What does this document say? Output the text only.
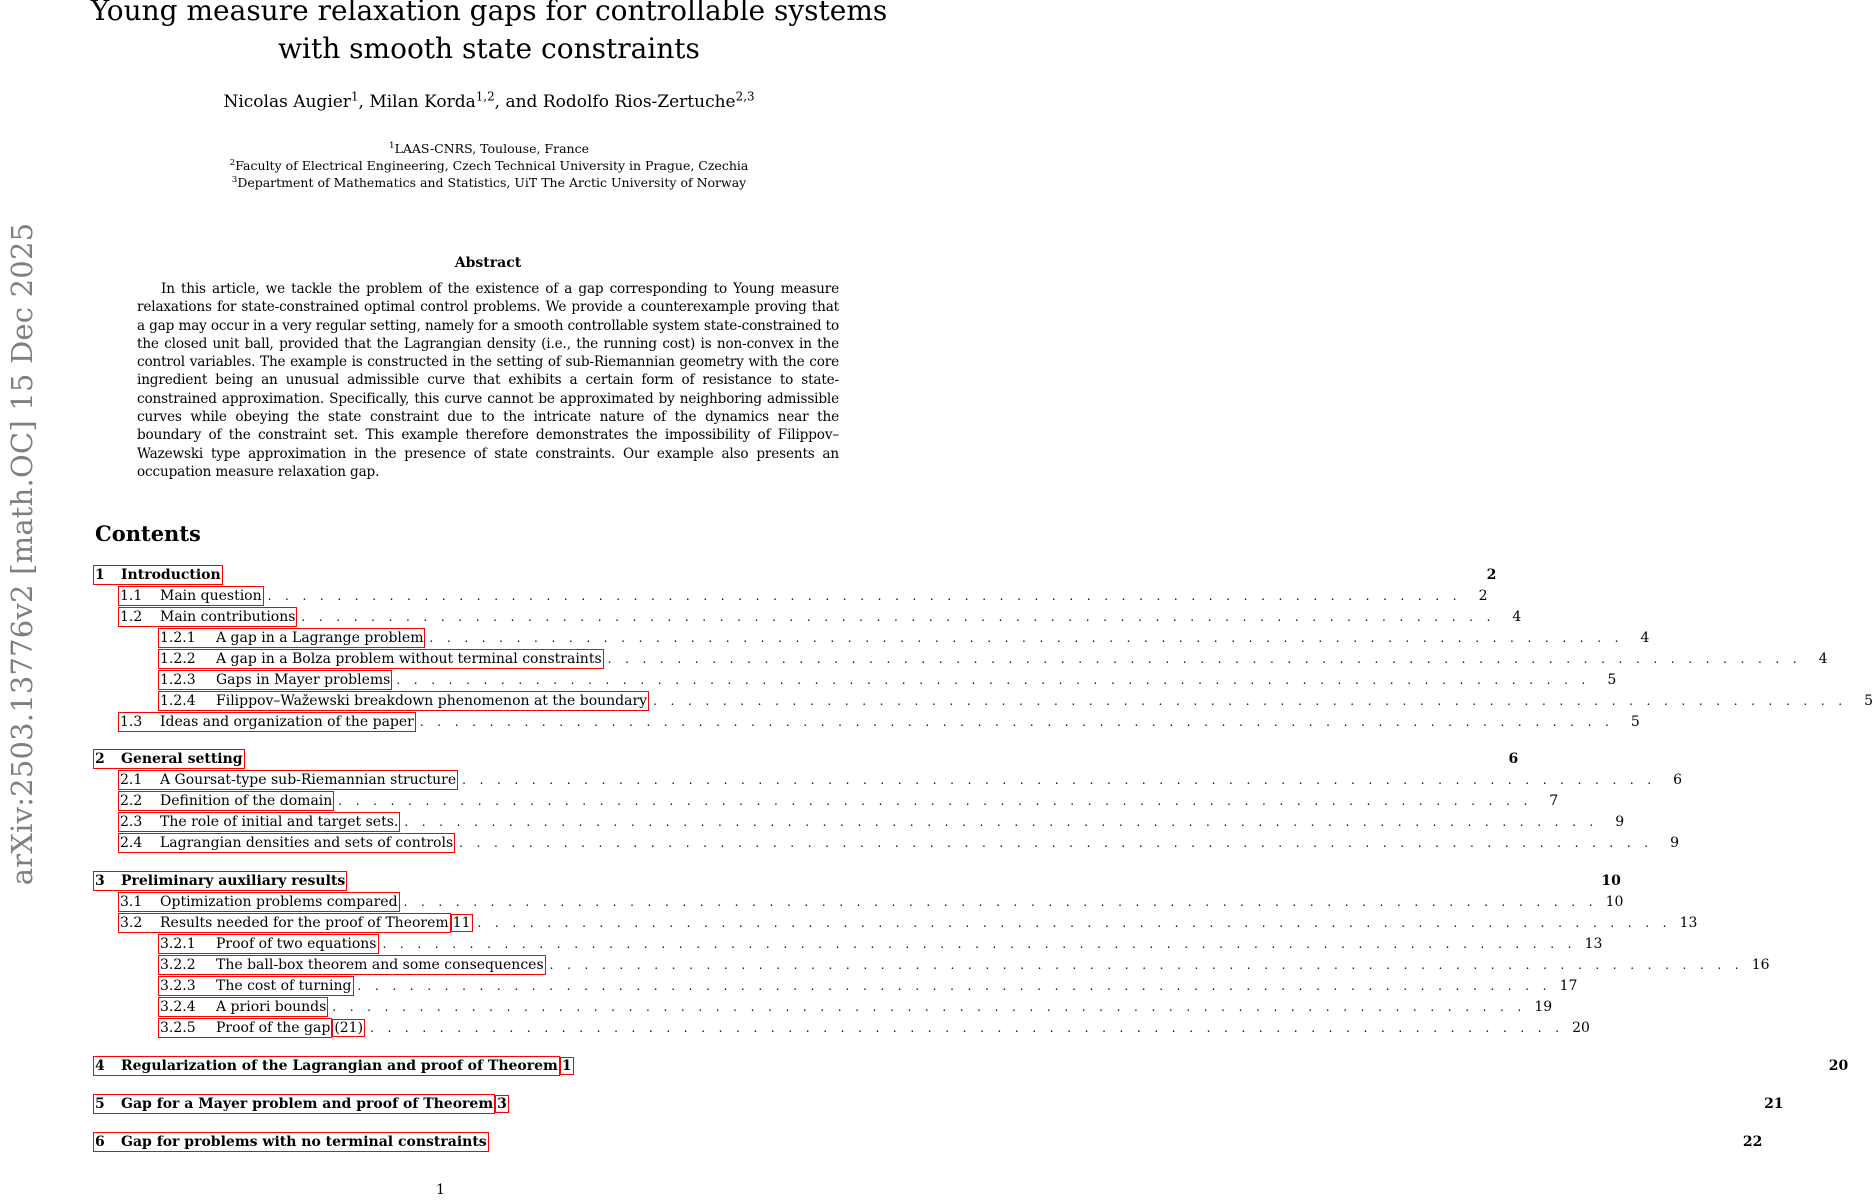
arXiv:2503.13776v2 [math.OC] 15 Dec 2025
Young measure relaxation gaps for controllable systems with smooth state constraints
Nicolas Augier$^1$, Milan Korda$^{1,2}$, and Rodolfo Rios-Zertuche$^{2,3}$
$^1$LAAS-CNRS, Toulouse, France
$^2$Faculty of Electrical Engineering, Czech Technical University in Prague, Czechia
$^3$Department of Mathematics and Statistics, UiT The Arctic University of Norway
Abstract
In this article, we tackle the problem of the existence of a gap corresponding to Young measure relaxations for state-constrained optimal control problems. We provide a counterexample proving that a gap may occur in a very regular setting, namely for a smooth controllable system state-constrained to the closed unit ball, provided that the Lagrangian density (i.e., the running cost) is non-convex in the control variables. The example is constructed in the setting of sub-Riemannian geometry with the core ingredient being an unusual admissible curve that exhibits a certain form of resistance to state-constrained approximation. Specifically, this curve cannot be approximated by neighboring admissible curves while obeying the state constraint due to the intricate nature of the dynamics near the boundary of the constraint set. This example therefore demonstrates the impossibility of Filippov–Wazewski type approximation in the presence of state constraints. Our example also presents an occupation measure relaxation gap.
Contents
1	Introduction	2
1.1	Main question . . . . . . . . . . . . . . . . . . . . . . . . . . . . . . . . . . . . . . . . . . . . . . . . . . . . . . . . . . . . . . . . . . . . .	2
1.2	Main contributions . . . . . . . . . . . . . . . . . . . . . . . . . . . . . . . . . . . . . . . . . . . . . . . . . . . . . . . . . . . . . . . . . . . . .	4
1.2.1	A gap in a Lagrange problem . . . . . . . . . . . . . . . . . . . . . . . . . . . . . . . . . . . . . . . . . . . . . . . . . . . . . . . . . . . . . . . . . . . . .	4
1.2.2	A gap in a Bolza problem without terminal constraints . . . . . . . . . . . . . . . . . . . . . . . . . . . . . . . . . . . . . . . . . . . . . . . . . . . . . . . . . . . . . . . . . . . . .	4
1.2.3	Gaps in Mayer problems . . . . . . . . . . . . . . . . . . . . . . . . . . . . . . . . . . . . . . . . . . . . . . . . . . . . . . . . . . . . . . . . . . . . .	5
1.2.4	Filippov–Wažewski breakdown phenomenon at the boundary . . . . . . . . . . . . . . . . . . . . . . . . . . . . . . . . . . . . . . . . . . . . . . . . . . . . . . . . . . . . . . . . . . . . .	5
1.3	Ideas and organization of the paper . . . . . . . . . . . . . . . . . . . . . . . . . . . . . . . . . . . . . . . . . . . . . . . . . . . . . . . . . . . . . . . . . . . . .	5
2	General setting	6
2.1	A Goursat-type sub-Riemannian structure . . . . . . . . . . . . . . . . . . . . . . . . . . . . . . . . . . . . . . . . . . . . . . . . . . . . . . . . . . . . . . . . . . . . .	6
2.2	Definition of the domain . . . . . . . . . . . . . . . . . . . . . . . . . . . . . . . . . . . . . . . . . . . . . . . . . . . . . . . . . . . . . . . . . . . . .	7
2.3	The role of initial and target sets. . . . . . . . . . . . . . . . . . . . . . . . . . . . . . . . . . . . . . . . . . . . . . . . . . . . . . . . . . . . . . . . . . . . . .	9
2.4	Lagrangian densities and sets of controls . . . . . . . . . . . . . . . . . . . . . . . . . . . . . . . . . . . . . . . . . . . . . . . . . . . . . . . . . . . . . . . . . . . . .	9
3	Preliminary auxiliary results	10
3.1	Optimization problems compared . . . . . . . . . . . . . . . . . . . . . . . . . . . . . . . . . . . . . . . . . . . . . . . . . . . . . . . . . . . . . . . . . . . . . 10
3.2	Results needed for the proof of Theorem 11 . . . . . . . . . . . . . . . . . . . . . . . . . . . . . . . . . . . . . . . . . . . . . . . . . . . . . . . . . . . . . . . . . . . . . 13
3.2.1	Proof of two equations . . . . . . . . . . . . . . . . . . . . . . . . . . . . . . . . . . . . . . . . . . . . . . . . . . . . . . . . . . . . . . . . . . . . . 13
3.2.2	The ball-box theorem and some consequences . . . . . . . . . . . . . . . . . . . . . . . . . . . . . . . . . . . . . . . . . . . . . . . . . . . . . . . . . . . . . . . . . . . . . 16
3.2.3	The cost of turning . . . . . . . . . . . . . . . . . . . . . . . . . . . . . . . . . . . . . . . . . . . . . . . . . . . . . . . . . . . . . . . . . . . . . 17
3.2.4	A priori bounds . . . . . . . . . . . . . . . . . . . . . . . . . . . . . . . . . . . . . . . . . . . . . . . . . . . . . . . . . . . . . . . . . . . . . 19
3.2.5	Proof of the gap (21) . . . . . . . . . . . . . . . . . . . . . . . . . . . . . . . . . . . . . . . . . . . . . . . . . . . . . . . . . . . . . . . . . . . . . 20
4	Regularization of the Lagrangian and proof of Theorem 1	20
5	Gap for a Mayer problem and proof of Theorem 3	21
6	Gap for problems with no terminal constraints	22
1
